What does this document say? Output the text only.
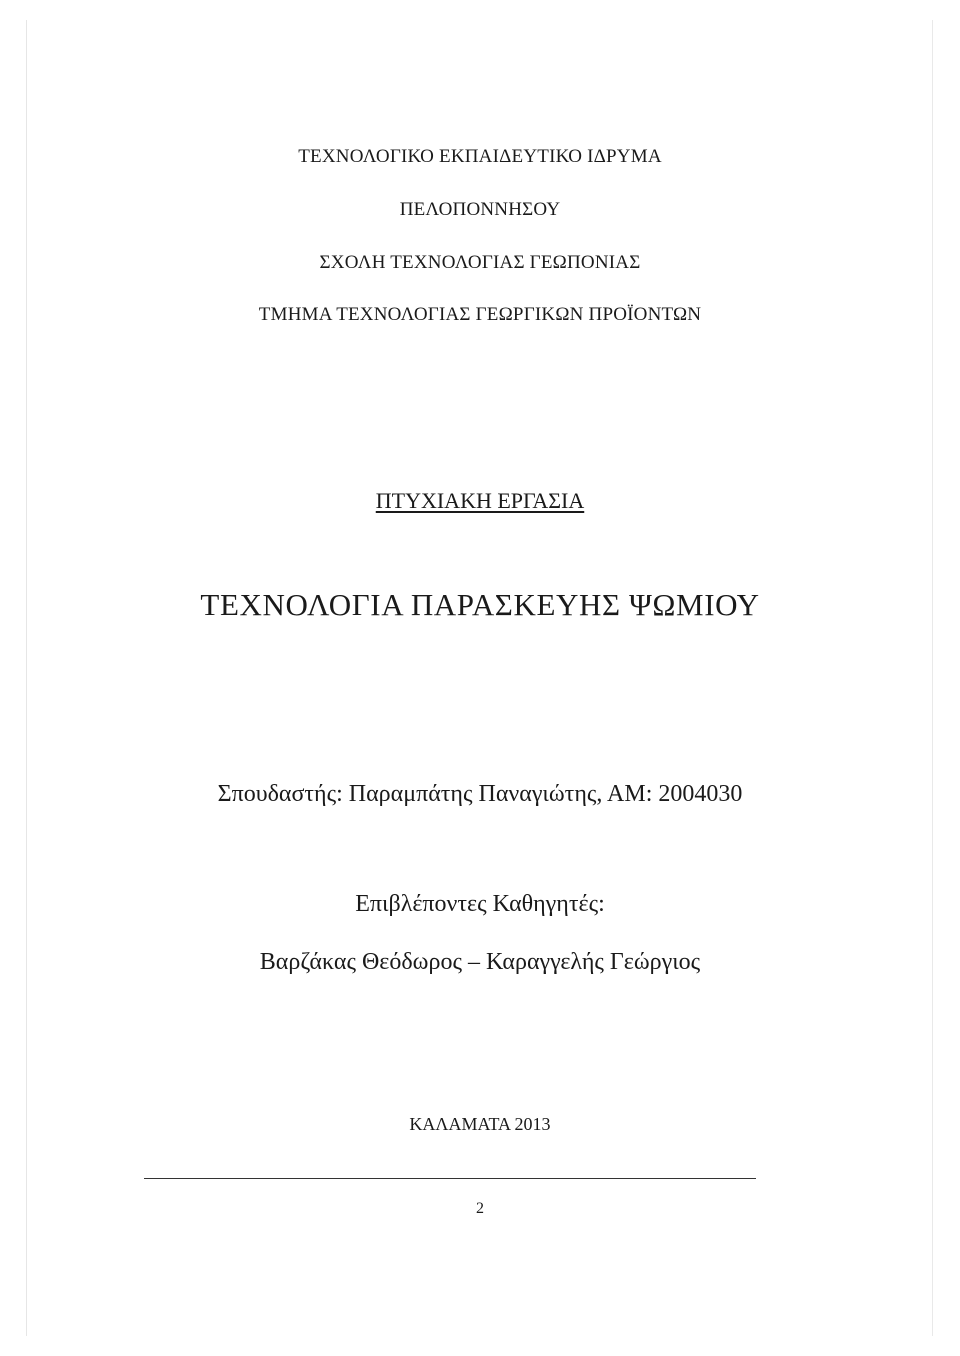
ΤΕΧΝΟΛΟΓΙΚΟ ΕΚΠΑΙΔΕΥΤΙΚΟ ΙΔΡΥΜΑ
ΠΕΛΟΠΟΝΝΗΣΟΥ
ΣΧΟΛΗ ΤΕΧΝΟΛΟΓΙΑΣ ΓΕΩΠΟΝΙΑΣ
ΤΜΗΜΑ ΤΕΧΝΟΛΟΓΙΑΣ ΓΕΩΡΓΙΚΩΝ ΠΡΟΪΟΝΤΩΝ
ΠΤΥΧΙΑΚΗ ΕΡΓΑΣΙΑ
ΤΕΧΝΟΛΟΓΙΑ ΠΑΡΑΣΚΕΥΗΣ ΨΩΜΙΟΥ
Σπουδαστής: Παραμπάτης Παναγιώτης, ΑΜ: 2004030
Επιβλέποντες Καθηγητές:
Βαρζάκας Θεόδωρος – Καραγγελής Γεώργιος
ΚΑΛΑΜΑΤΑ 2013
2
